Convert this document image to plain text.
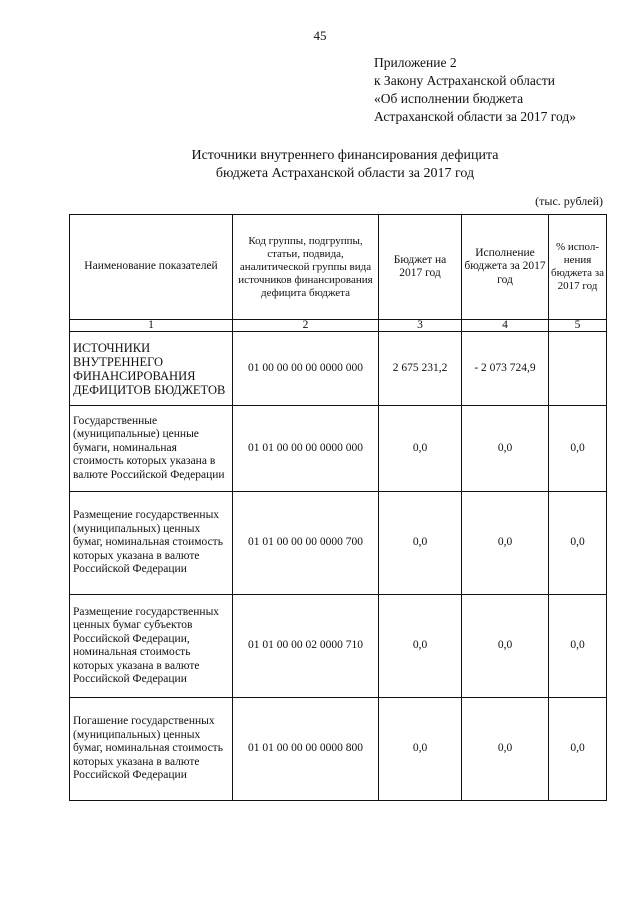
45
Приложение 2
к Закону Астраханской области
«Об исполнении бюджета
Астраханской области за 2017 год»
Источники внутреннего финансирования дефицита
бюджета Астраханской области за 2017 год
(тыс. рублей)
Наименование показателей	Код группы, подгруппы, статьи, подвида, аналитической группы вида источников финансирования дефицита бюджета	Бюджет на 2017 год	Исполнение бюджета за 2017 год	% испол-нения бюджета за 2017 год
1	2	3	4	5
ИСТОЧНИКИ ВНУТРЕННЕГО ФИНАНСИРОВАНИЯ ДЕФИЦИТОВ БЮДЖЕТОВ	01 00 00 00 00 0000 000	2 675 231,2	- 2 073 724,9	
Государственные (муниципальные) ценные бумаги, номинальная стоимость которых указана в валюте Российской Федерации	01 01 00 00 00 0000 000	0,0	0,0	0,0
Размещение государственных (муниципальных) ценных бумаг, номинальная стоимость которых указана в валюте Российской Федерации	01 01 00 00 00 0000 700	0,0	0,0	0,0
Размещение государственных ценных бумаг субъектов Российской Федерации, номинальная стоимость которых указана в валюте Российской Федерации	01 01 00 00 02 0000 710	0,0	0,0	0,0
Погашение государственных (муниципальных) ценных бумаг, номинальная стоимость которых указана в валюте Российской Федерации	01 01 00 00 00 0000 800	0,0	0,0	0,0
